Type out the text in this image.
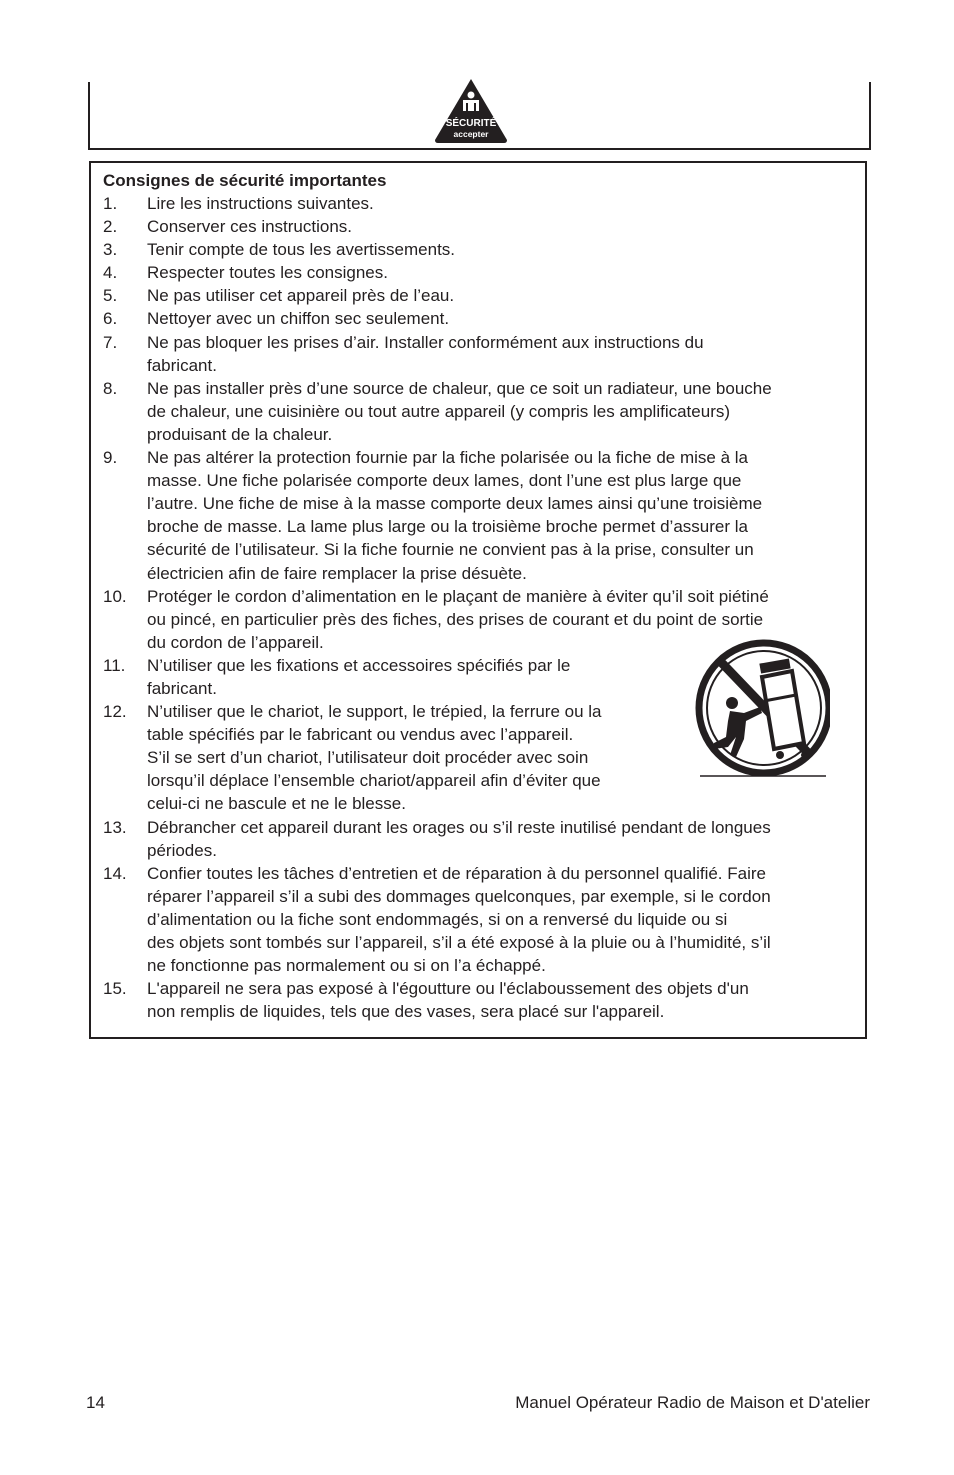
SÉCURITÉ
accepter
Consignes de sécurité importantes
1.	Lire les instructions suivantes.
2.	Conserver ces instructions.
3.	Tenir compte de tous les avertissements.
4.	Respecter toutes les consignes.
5.	Ne pas utiliser cet appareil près de l’eau.
6.	Nettoyer avec un chiffon sec seulement.
7.	Ne pas bloquer les prises d’air. Installer conformément aux instructions du
fabricant.
8.	Ne pas installer près d’une source de chaleur, que ce soit un radiateur, une bouche
de chaleur, une cuisinière ou tout autre appareil (y compris les amplificateurs)
produisant de la chaleur.
9.	Ne pas altérer la protection fournie par la fiche polarisée ou la fiche de mise à la
masse. Une fiche polarisée comporte deux lames, dont l’une est plus large que
l’autre. Une fiche de mise à la masse comporte deux lames ainsi qu’une troisième
broche de masse. La lame plus large ou la troisième broche permet d’assurer la
sécurité de l’utilisateur. Si la fiche fournie ne convient pas à la prise, consulter un
électricien afin de faire remplacer la prise désuète.
10.	Protéger le cordon d’alimentation en le plaçant de manière à éviter qu’il soit piétiné
ou pincé, en particulier près des fiches, des prises de courant et du point de sortie
du cordon de l’appareil.
11.	N’utiliser que les fixations et accessoires spécifiés par le
fabricant.
12.	N’utiliser que le chariot, le support, le trépied, la ferrure ou la
table spécifiés par le fabricant ou vendus avec l’appareil.
S’il se sert d’un chariot, l’utilisateur doit procéder avec soin
lorsqu’il déplace l’ensemble chariot/appareil afin d’éviter que
celui-ci ne bascule et ne le blesse.
13.	Débrancher cet appareil durant les orages ou s’il reste inutilisé pendant de longues
périodes.
14.	Confier toutes les tâches d’entretien et de réparation à du personnel qualifié. Faire
réparer l’appareil s’il a subi des dommages quelconques, par exemple, si le cordon
d’alimentation ou la fiche sont endommagés, si on a renversé du liquide ou si
des objets sont tombés sur l’appareil, s’il a été exposé à la pluie ou à l’humidité, s’il
ne fonctionne pas normalement ou si on l’a échappé.
15.	L'appareil ne sera pas exposé à l'égoutture ou l'éclaboussement des objets d'un
non remplis de liquides, tels que des vases, sera placé sur l'appareil.
14	Manuel Opérateur Radio de Maison et D'atelier
